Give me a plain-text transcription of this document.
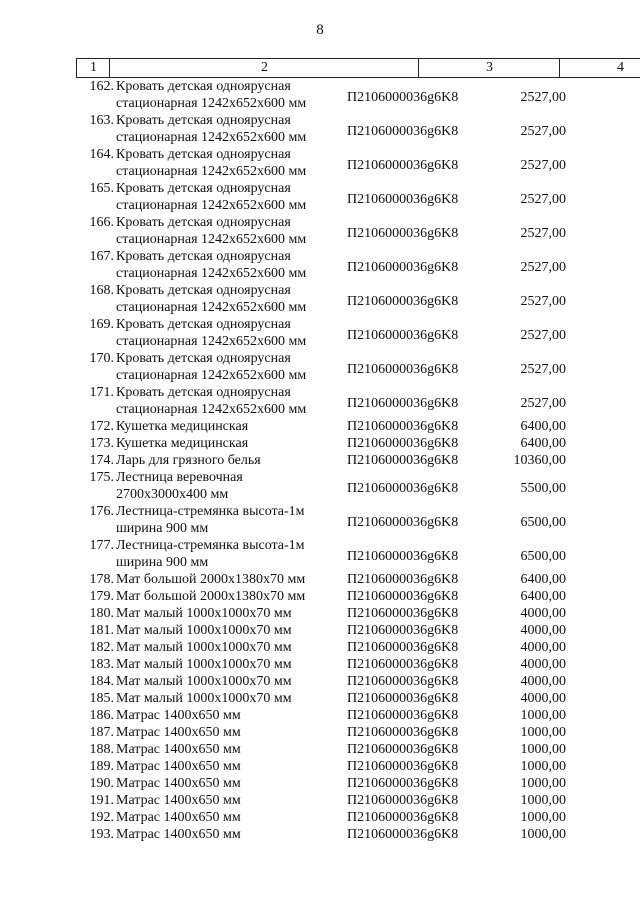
8
1	2	3	4
162. Кровать детская одноярусная
стационарная 1242х652х600 мм	П2106000036g6K8	2527,00
163. Кровать детская одноярусная
стационарная 1242х652х600 мм	П2106000036g6K8	2527,00
164. Кровать детская одноярусная
стационарная 1242х652х600 мм	П2106000036g6K8	2527,00
165. Кровать детская одноярусная
стационарная 1242х652х600 мм	П2106000036g6K8	2527,00
166. Кровать детская одноярусная
стационарная 1242х652х600 мм	П2106000036g6K8	2527,00
167. Кровать детская одноярусная
стационарная 1242х652х600 мм	П2106000036g6K8	2527,00
168. Кровать детская одноярусная
стационарная 1242х652х600 мм	П2106000036g6K8	2527,00
169. Кровать детская одноярусная
стационарная 1242х652х600 мм	П2106000036g6K8	2527,00
170. Кровать детская одноярусная
стационарная 1242х652х600 мм	П2106000036g6K8	2527,00
171. Кровать детская одноярусная
стационарная 1242х652х600 мм	П2106000036g6K8	2527,00
172. Кушетка медицинская	П2106000036g6K8	6400,00
173. Кушетка медицинская	П2106000036g6K8	6400,00
174. Ларь для грязного белья	П2106000036g6K8	10360,00
175. Лестница веревочная
2700х3000х400 мм	П2106000036g6K8	5500,00
176. Лестница-стремянка высота-1м
ширина 900 мм	П2106000036g6K8	6500,00
177. Лестница-стремянка высота-1м
ширина 900 мм	П2106000036g6K8	6500,00
178. Мат большой 2000х1380х70 мм	П2106000036g6K8	6400,00
179. Мат большой 2000х1380х70 мм	П2106000036g6K8	6400,00
180. Мат малый 1000х1000х70 мм	П2106000036g6K8	4000,00
181. Мат малый 1000х1000х70 мм	П2106000036g6K8	4000,00
182. Мат малый 1000х1000х70 мм	П2106000036g6K8	4000,00
183. Мат малый 1000х1000х70 мм	П2106000036g6K8	4000,00
184. Мат малый 1000х1000х70 мм	П2106000036g6K8	4000,00
185. Мат малый 1000х1000х70 мм	П2106000036g6K8	4000,00
186. Матрас 1400х650 мм	П2106000036g6K8	1000,00
187. Матрас 1400х650 мм	П2106000036g6K8	1000,00
188. Матрас 1400х650 мм	П2106000036g6K8	1000,00
189. Матрас 1400х650 мм	П2106000036g6K8	1000,00
190. Матрас 1400х650 мм	П2106000036g6K8	1000,00
191. Матрас 1400х650 мм	П2106000036g6K8	1000,00
192. Матрас 1400х650 мм	П2106000036g6K8	1000,00
193. Матрас 1400х650 мм	П2106000036g6K8	1000,00
